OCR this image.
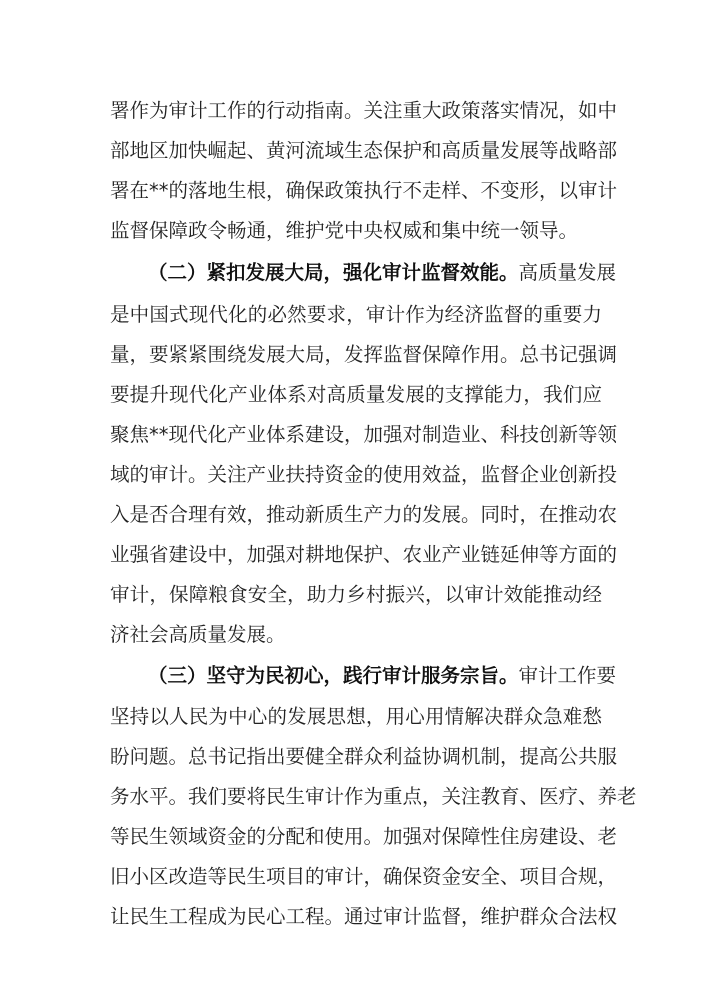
署作为审计工作的行动指南。关注重大政策落实情况，如中
部地区加快崛起、黄河流域生态保护和高质量发展等战略部
署在**的落地生根，确保政策执行不走样、不变形，以审计
监督保障政令畅通，维护党中央权威和集中统一领导。
（二）紧扣发展大局，强化审计监督效能。高质量发展
是中国式现代化的必然要求，审计作为经济监督的重要力
量，要紧紧围绕发展大局，发挥监督保障作用。总书记强调
要提升现代化产业体系对高质量发展的支撑能力，我们应
聚焦**现代化产业体系建设，加强对制造业、科技创新等领
域的审计。关注产业扶持资金的使用效益，监督企业创新投
入是否合理有效，推动新质生产力的发展。同时，在推动农
业强省建设中，加强对耕地保护、农业产业链延伸等方面的
审计，保障粮食安全，助力乡村振兴，以审计效能推动经
济社会高质量发展。
（三）坚守为民初心，践行审计服务宗旨。审计工作要
坚持以人民为中心的发展思想，用心用情解决群众急难愁
盼问题。总书记指出要健全群众利益协调机制，提高公共服
务水平。我们要将民生审计作为重点，关注教育、医疗、养老
等民生领域资金的分配和使用。加强对保障性住房建设、老
旧小区改造等民生项目的审计，确保资金安全、项目合规，
让民生工程成为民心工程。通过审计监督，维护群众合法权
